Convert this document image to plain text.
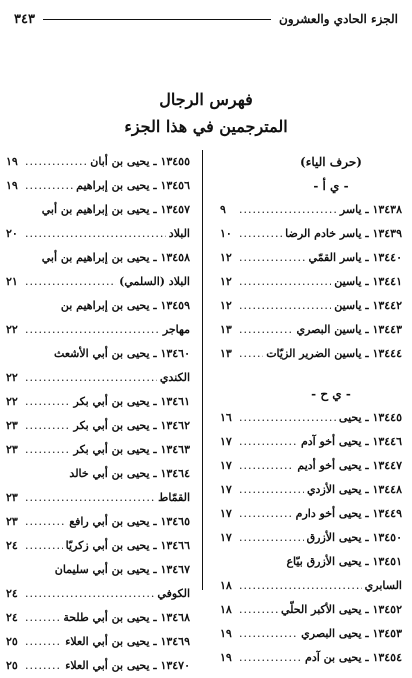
الجزء الحادي والعشرون
٣٤٣
فهرس الرجال
المترجمين في هذا الجزء
(حرف الياء)
- ي أ -
١٣٤٣٨ ـ ياسر
.....
٩
١٣٤٣٩ ـ ياسر خادم الرضا
.....
١٠
١٣٤٤٠ ـ ياسر القمّي
.....
١٢
١٣٤٤١ ـ ياسين
.....
١٢
١٣٤٤٢ ـ ياسين
.....
١٢
١٣٤٤٣ ـ ياسين البصري
.....
١٣
١٣٤٤٤ ـ ياسين الضرير الزيّات
.....
١٣
- ي ح -
١٣٤٤٥ ـ يحيى
.....
١٦
١٣٤٤٦ ـ يحيى أخو آدم
.....
١٧
١٣٤٤٧ ـ يحيى أخو أديم
.....
١٧
١٣٤٤٨ ـ يحيى الأزدي
.....
١٧
١٣٤٤٩ ـ يحيى أخو دارم
.....
١٧
١٣٤٥٠ ـ يحيى الأزرق
.....
١٧
١٣٤٥١ ـ يحيى الأزرق بيّاع
السابري
.....
١٨
١٣٤٥٢ ـ يحيى الأكبر الحلّي
.....
١٨
١٣٤٥٣ ـ يحيى البصري
.....
١٩
١٣٤٥٤ ـ يحيى بن آدم
.....
١٩
١٣٤٥٥ ـ يحيى بن أبان
.....
١٩
١٣٤٥٦ ـ يحيى بن إبراهيم
.....
١٩
١٣٤٥٧ ـ يحيى بن إبراهيم بن أبي
البلاد
.....
٢٠
١٣٤٥٨ ـ يحيى بن إبراهيم بن أبي
البلاد (السلمي)
.....
٢١
١٣٤٥٩ ـ يحيى بن إبراهيم بن
مهاجر
.....
٢٢
١٣٤٦٠ ـ يحيى بن أبي الأشعث
الكندي
.....
٢٢
١٣٤٦١ ـ يحيى بن أبي بكر
.....
٢٢
١٣٤٦٢ ـ يحيى بن أبي بكر
.....
٢٣
١٣٤٦٣ ـ يحيى بن أبي بكر
.....
٢٣
١٣٤٦٤ ـ يحيى بن أبي خالد
القمّاط
.....
٢٣
١٣٤٦٥ ـ يحيى بن أبي رافع
.....
٢٣
١٣٤٦٦ ـ يحيى بن أبي زكريّا
.....
٢٤
١٣٤٦٧ ـ يحيى بن أبي سليمان
الكوفي
.....
٢٤
١٣٤٦٨ ـ يحيى بن أبي طلحة
.....
٢٤
١٣٤٦٩ ـ يحيى بن أبي العلاء
.....
٢٥
١٣٤٧٠ ـ يحيى بن أبي العلاء
.....
٢٥
